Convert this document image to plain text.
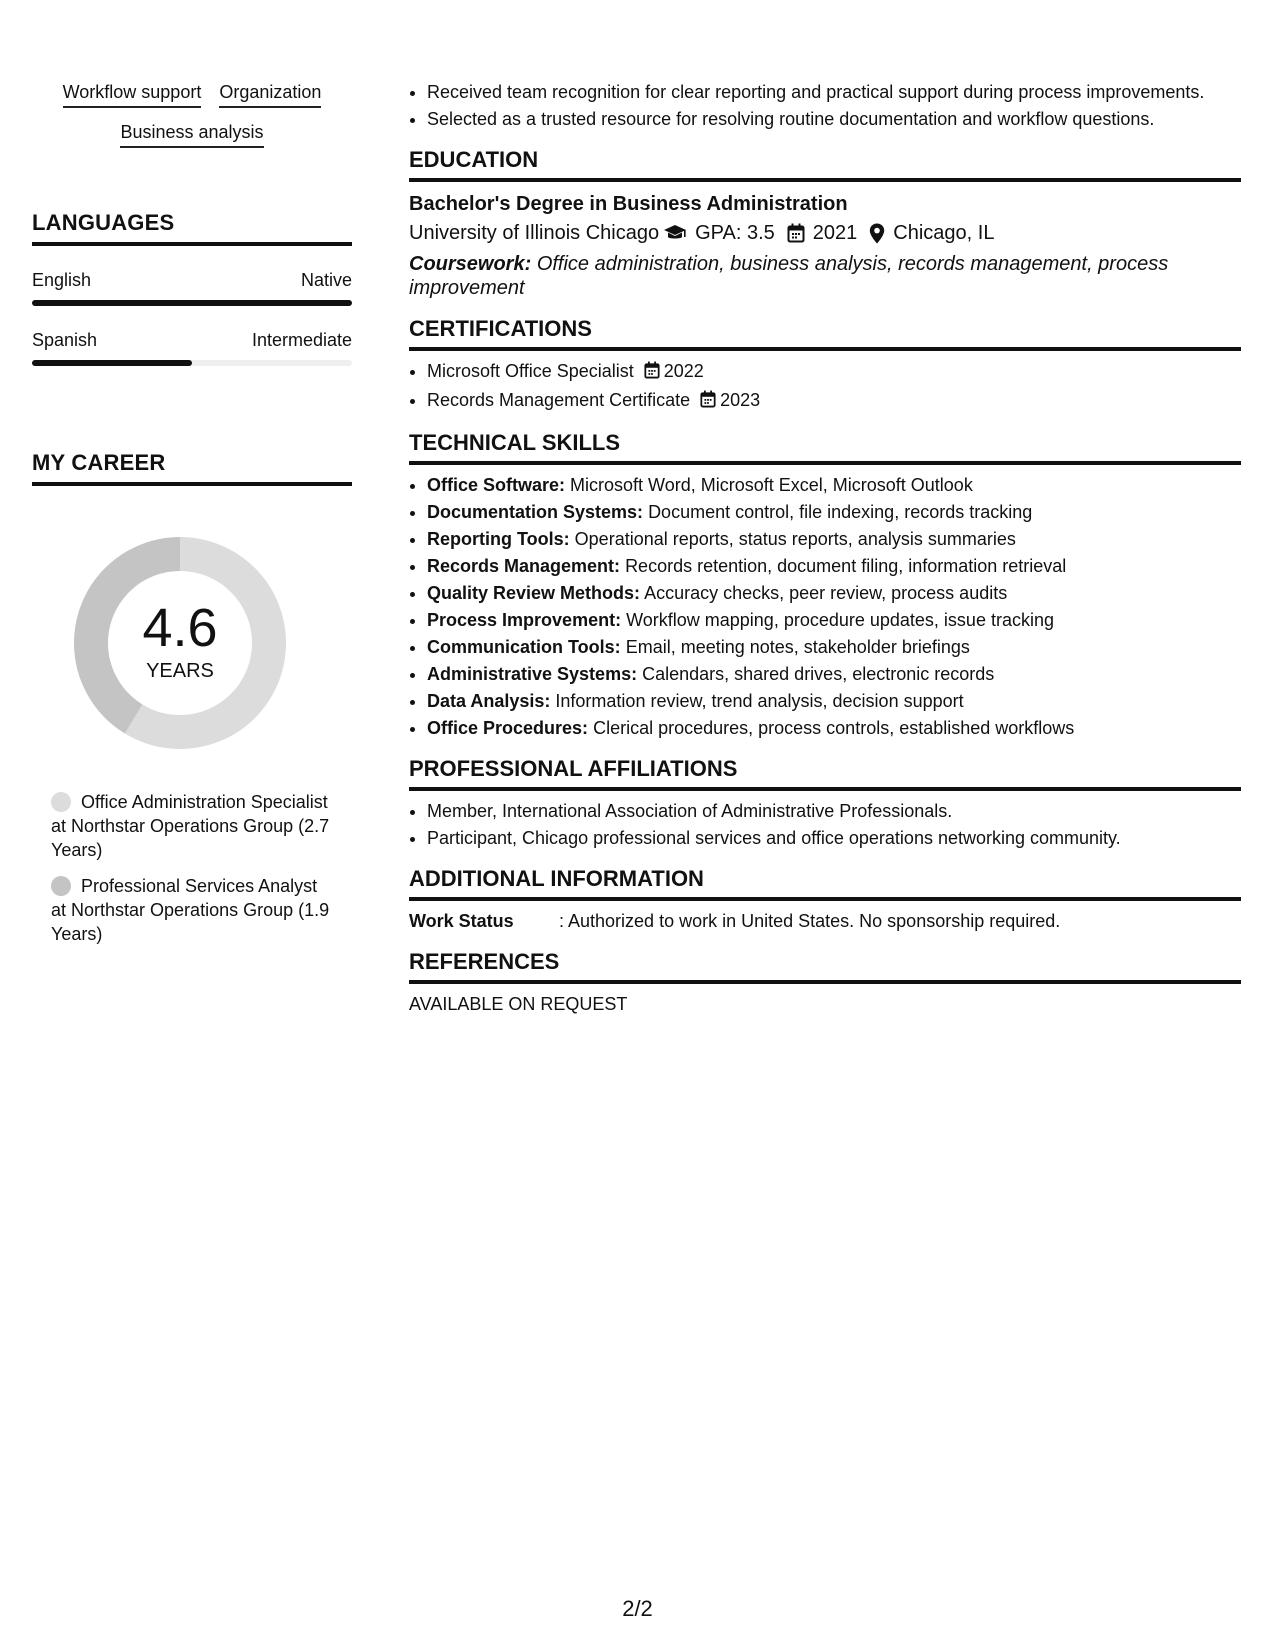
Workflow support Organization
Business analysis
LANGUAGES
English	Native
Spanish	Intermediate
MY CAREER
4.6
YEARS
Office Administration Specialist at Northstar Operations Group (2.7 Years)
Professional Services Analyst at Northstar Operations Group (1.9 Years)
• Received team recognition for clear reporting and practical support during process improvements.
• Selected as a trusted resource for resolving routine documentation and workflow questions.
EDUCATION
Bachelor's Degree in Business Administration
University of Illinois Chicago GPA: 3.5 2021 Chicago, IL
Coursework: Office administration, business analysis, records management, process improvement
CERTIFICATIONS
• Microsoft Office Specialist 2022
• Records Management Certificate 2023
TECHNICAL SKILLS
• Office Software: Microsoft Word, Microsoft Excel, Microsoft Outlook
• Documentation Systems: Document control, file indexing, records tracking
• Reporting Tools: Operational reports, status reports, analysis summaries
• Records Management: Records retention, document filing, information retrieval
• Quality Review Methods: Accuracy checks, peer review, process audits
• Process Improvement: Workflow mapping, procedure updates, issue tracking
• Communication Tools: Email, meeting notes, stakeholder briefings
• Administrative Systems: Calendars, shared drives, electronic records
• Data Analysis: Information review, trend analysis, decision support
• Office Procedures: Clerical procedures, process controls, established workflows
PROFESSIONAL AFFILIATIONS
• Member, International Association of Administrative Professionals.
• Participant, Chicago professional services and office operations networking community.
ADDITIONAL INFORMATION
Work Status	: Authorized to work in United States. No sponsorship required.
REFERENCES
AVAILABLE ON REQUEST
2/2
